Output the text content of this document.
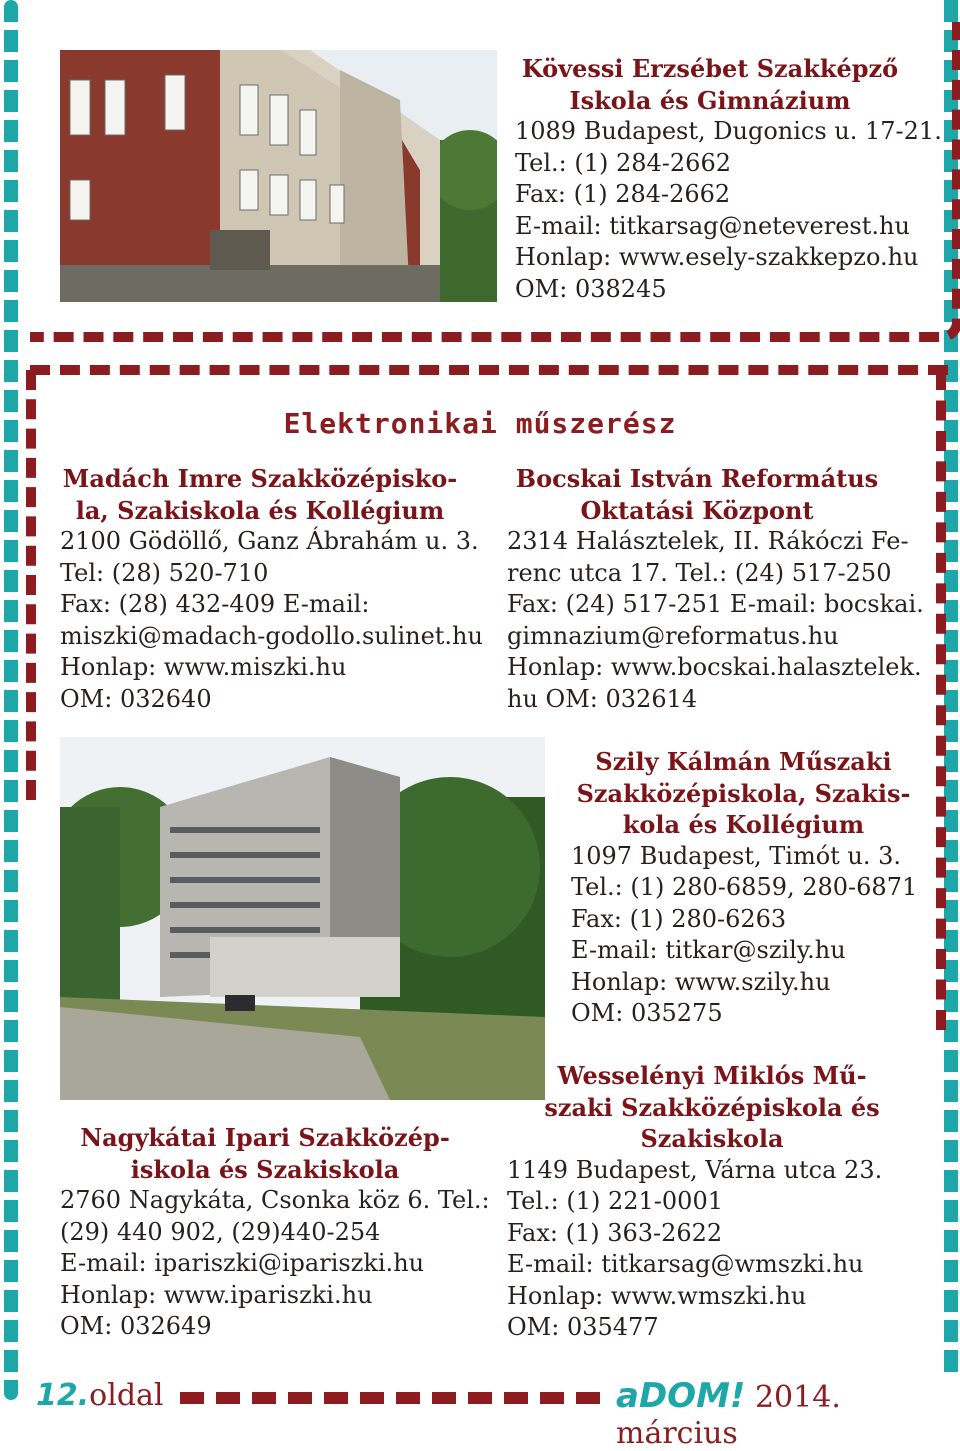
Kövessi Erzsébet Szakképző
Iskola és Gimnázium
1089 Budapest, Dugonics u. 17-21.
Tel.: (1) 284-2662
Fax: (1) 284-2662
E-mail: titkarsag@neteverest.hu
Honlap: www.esely-szakkepzo.hu
OM: 038245
Elektronikai műszerész
Madách Imre Szakközépisko-
la, Szakiskola és Kollégium
2100 Gödöllő, Ganz Ábrahám u. 3.
Tel: (28) 520-710
Fax: (28) 432-409 E-mail:
miszki@madach-godollo.sulinet.hu
Honlap: www.miszki.hu
OM: 032640
Bocskai István Református
Oktatási Központ
2314 Halásztelek, II. Rákóczi Fe-
renc utca 17. Tel.: (24) 517-250
Fax: (24) 517-251 E-mail: bocskai.
gimnazium@reformatus.hu
Honlap: www.bocskai.halasztelek.
hu OM: 032614
Szily Kálmán Műszaki
Szakközépiskola, Szakis-
kola és Kollégium
1097 Budapest, Timót u. 3.
Tel.: (1) 280-6859, 280-6871
Fax: (1) 280-6263
E-mail: titkar@szily.hu
Honlap: www.szily.hu
OM: 035275
Wesselényi Miklós Mű-
szaki Szakközépiskola és
Szakiskola
1149 Budapest, Várna utca 23.
Tel.: (1) 221-0001
Fax: (1) 363-2622
E-mail: titkarsag@wmszki.hu
Honlap: www.wmszki.hu
OM: 035477
Nagykátai Ipari Szakközép-
iskola és Szakiskola
2760 Nagykáta, Csonka köz 6. Tel.:
(29) 440 902, (29)440-254
E-mail: ipariszki@ipariszki.hu
Honlap: www.ipariszki.hu
OM: 032649
12.oldal	aDOM! 2014. március
